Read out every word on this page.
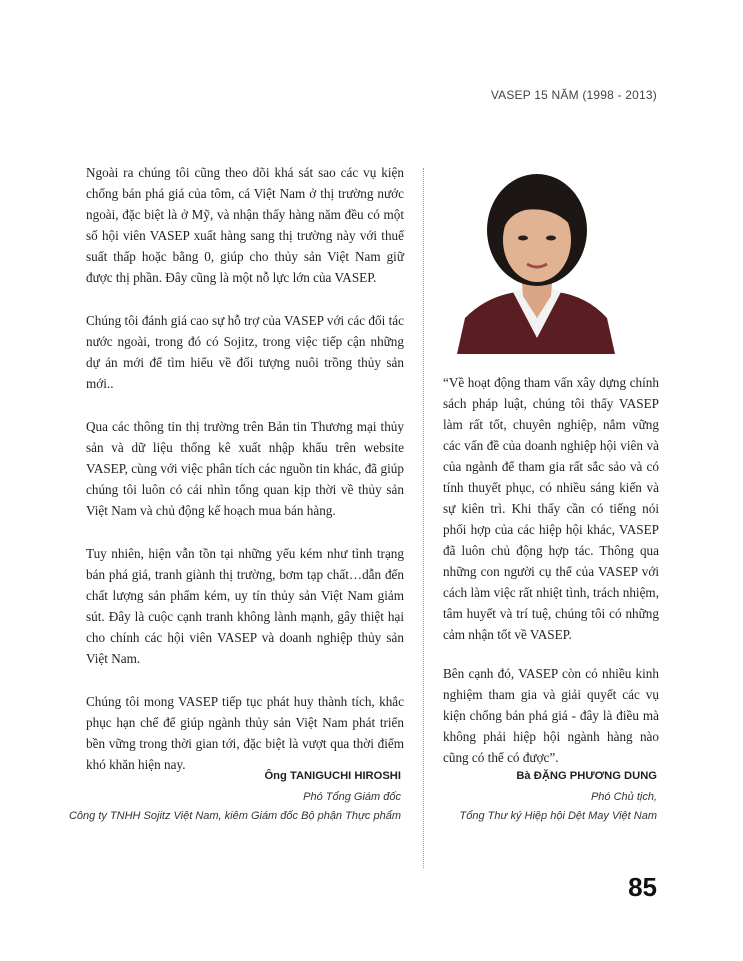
VASEP 15 NĂM (1998 - 2013)

Ngoài ra chúng tôi cũng theo dõi khá sát sao các vụ kiện chống bán phá giá của tôm, cá Việt Nam ở thị trường nước ngoài, đặc biệt là ở Mỹ, và nhận thấy hàng năm đều có một số hội viên VASEP xuất hàng sang thị trường này với thuế suất thấp hoặc bằng 0, giúp cho thủy sản Việt Nam giữ được thị phần. Đây cũng là một nỗ lực lớn của VASEP.

Chúng tôi đánh giá cao sự hỗ trợ của VASEP với các đối tác nước ngoài, trong đó có Sojitz, trong việc tiếp cận những dự án mới để tìm hiểu về đối tượng nuôi trồng thủy sản mới..

Qua các thông tin thị trường trên Bản tin Thương mại thủy sản và dữ liệu thống kê xuất nhập khẩu trên website VASEP, cùng với việc phân tích các nguồn tin khác, đã giúp chúng tôi luôn có cái nhìn tổng quan kịp thời về thủy sản Việt Nam và chủ động kế hoạch mua bán hàng.

Tuy nhiên, hiện vẫn tồn tại những yếu kém như tình trạng bán phá giá, tranh giành thị trường, bơm tạp chất…dẫn đến chất lượng sản phẩm kém, uy tín thủy sản Việt Nam giảm sút. Đây là cuộc cạnh tranh không lành mạnh, gây thiệt hại cho chính các hội viên VASEP và doanh nghiệp thủy sản Việt Nam.

Chúng tôi mong VASEP tiếp tục phát huy thành tích, khắc phục hạn chế để giúp ngành thủy sản Việt Nam phát triển bền vững trong thời gian tới, đặc biệt là vượt qua thời điểm khó khăn hiện nay.

Ông TANIGUCHI HIROSHI
Phó Tổng Giám đốc
Công ty TNHH Sojitz Việt Nam, kiêm Giám đốc Bộ phận Thực phẩm

“Về hoạt động tham vấn xây dựng chính sách pháp luật, chúng tôi thấy VASEP làm rất tốt, chuyên nghiệp, nắm vững các vấn đề của doanh nghiệp hội viên và của ngành để tham gia rất sắc sảo và có tính thuyết phục, có nhiều sáng kiến và sự kiên trì. Khi thấy cần có tiếng nói phối hợp của các hiệp hội khác, VASEP đã luôn chủ động hợp tác. Thông qua những con người cụ thể của VASEP với cách làm việc rất nhiệt tình, trách nhiệm, tâm huyết và trí tuệ, chúng tôi có những cảm nhận tốt về VASEP.

Bên cạnh đó, VASEP còn có nhiều kinh nghiệm tham gia và giải quyết các vụ kiện chống bán phá giá - đây là điều mà không phải hiệp hội ngành hàng nào cũng có thể có được”.

Bà ĐẶNG PHƯƠNG DUNG
Phó Chủ tịch,
Tổng Thư ký Hiệp hội Dệt May Việt Nam
85
